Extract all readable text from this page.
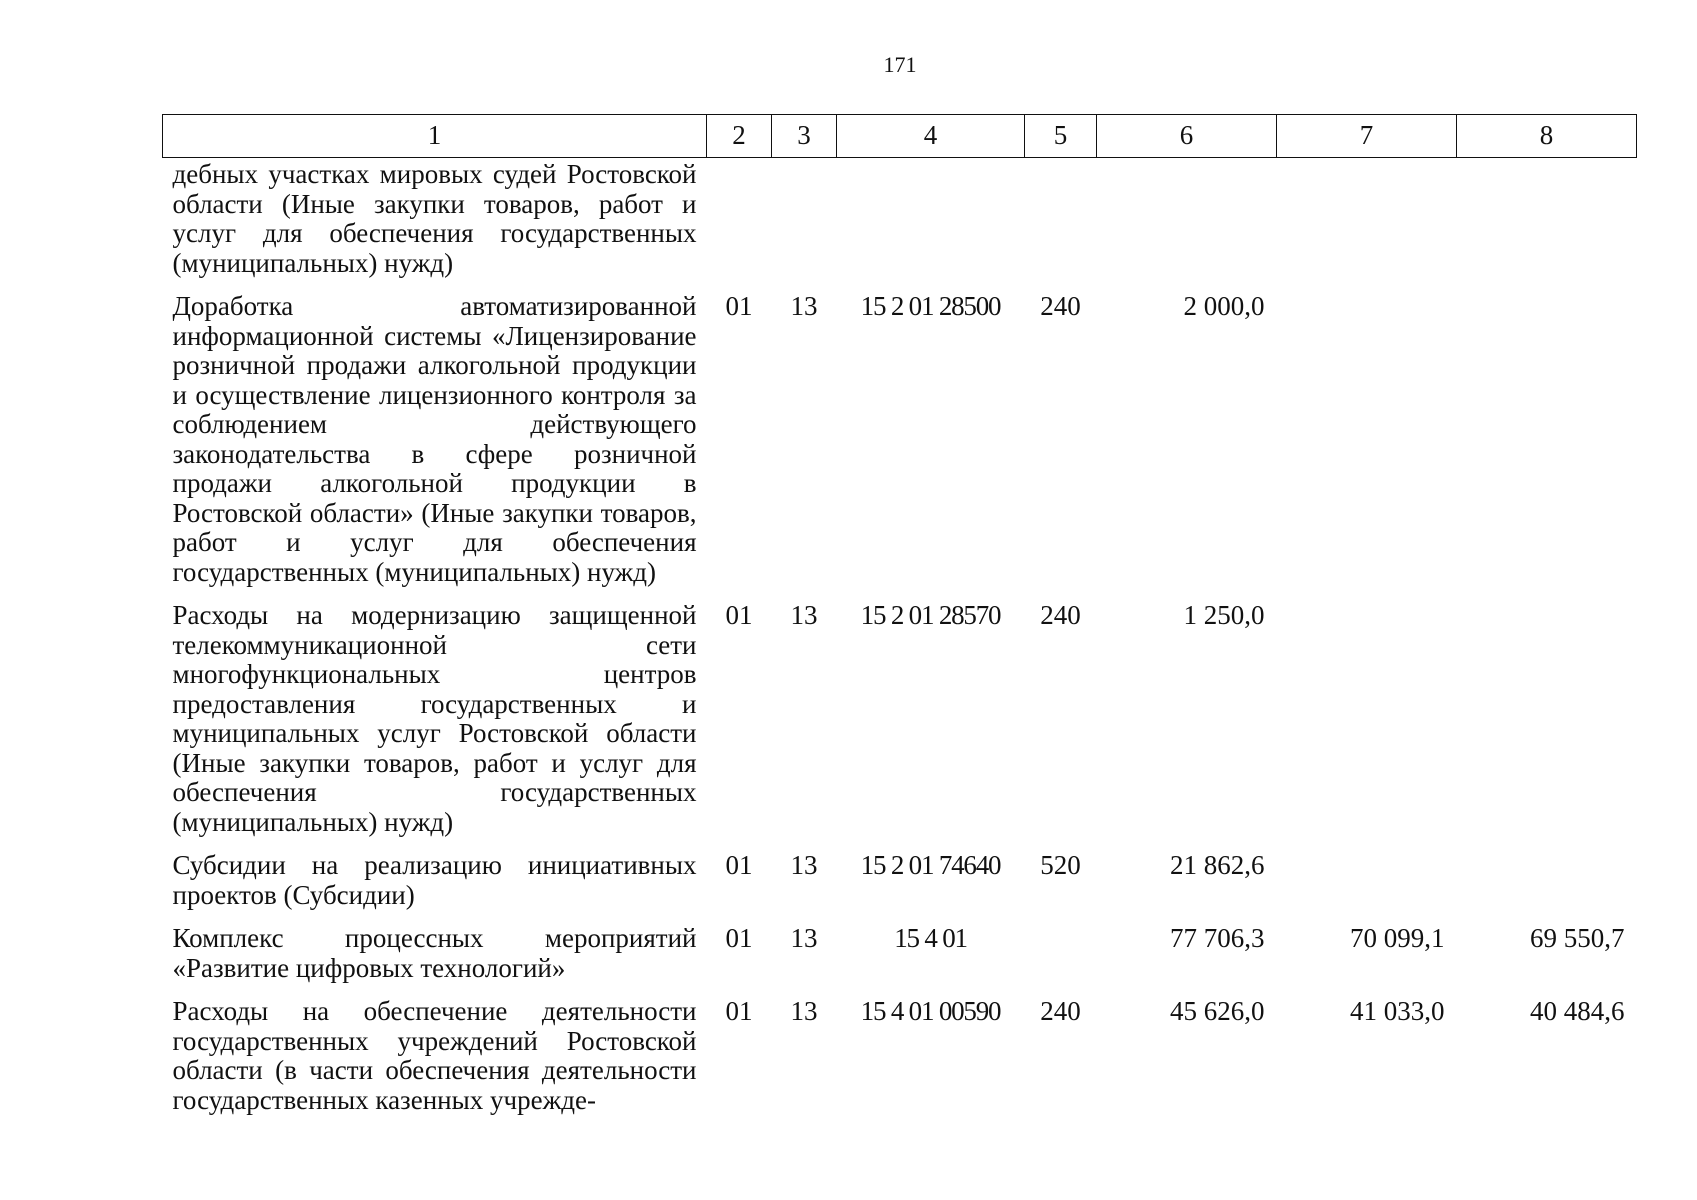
171
1	2	3	4	5	6	7	8
дебных участках мировых судей Ростовской области (Иные закупки товаров, работ и услуг для обеспечения государственных (муниципальных) нужд)							
Доработка автоматизированной информационной системы «Лицензирование розничной продажи алкогольной продукции и осуществление лицензионного контроля за соблюдением действующего законодательства в сфере розничной продажи алкогольной продукции в Ростовской области» (Иные закупки товаров, работ и услуг для обеспечения государственных (муниципальных) нужд)	01	13	15 2 01 28500	240	2 000,0		
Расходы на модернизацию защищенной телекоммуникационной сети многофункциональных центров предоставления государственных и муниципальных услуг Ростовской области (Иные закупки товаров, работ и услуг для обеспечения государственных (муниципальных) нужд)	01	13	15 2 01 28570	240	1 250,0		
Субсидии на реализацию инициативных проектов (Субсидии)	01	13	15 2 01 74640	520	21 862,6		
Комплекс процессных мероприятий «Развитие цифровых технологий»	01	13	15 4 01		77 706,3	70 099,1	69 550,7
Расходы на обеспечение деятельности государственных учреждений Ростовской области (в части обеспечения деятельности государственных казенных учрежде-	01	13	15 4 01 00590	240	45 626,0	41 033,0	40 484,6
